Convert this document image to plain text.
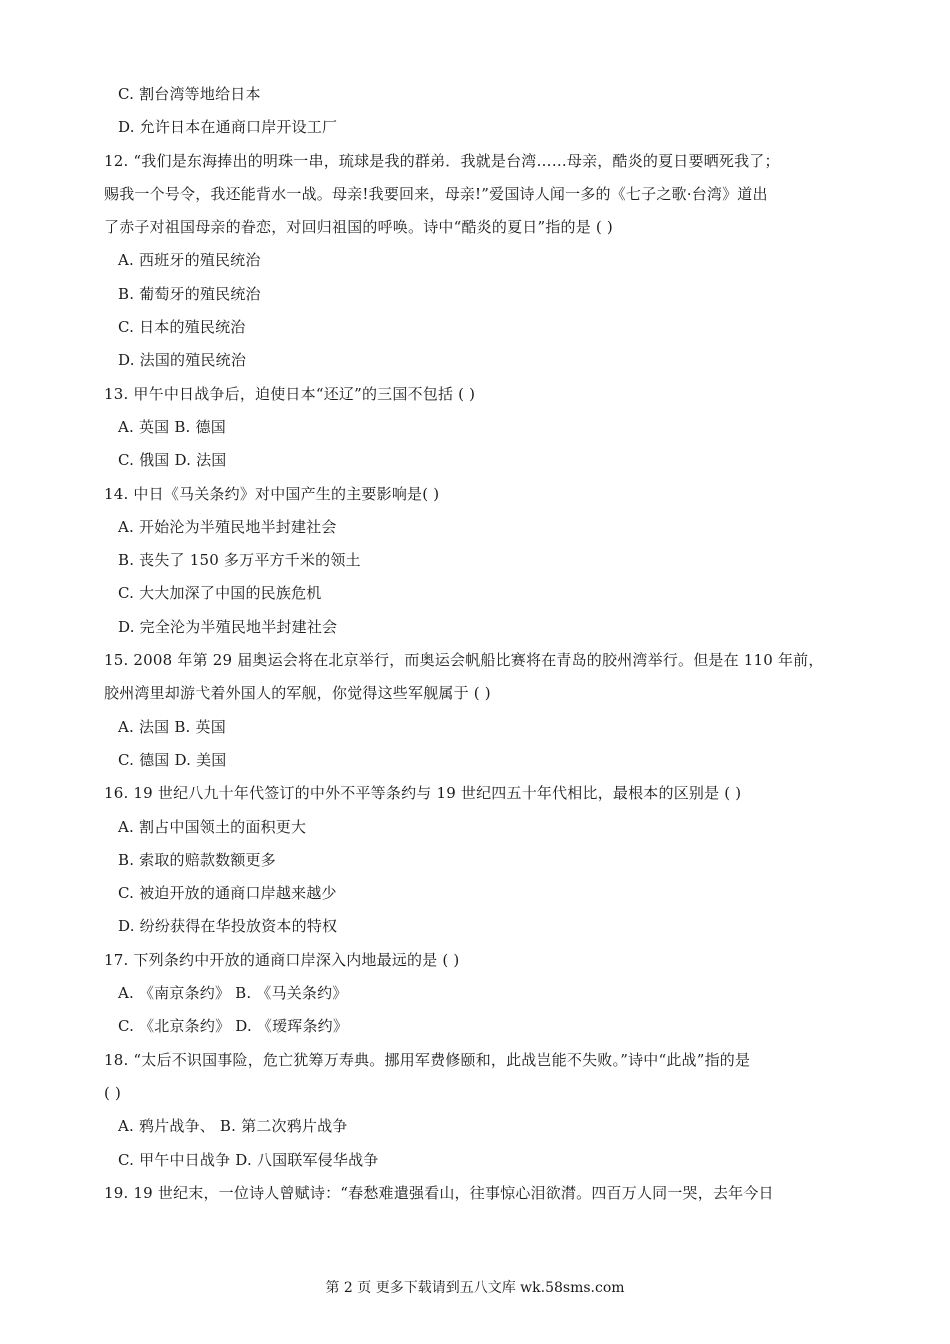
C. 割台湾等地给日本
D. 允许日本在通商口岸开设工厂
12. “我们是东海捧出的明珠一串，琉球是我的群弟．我就是台湾……母亲，酷炎的夏日要晒死我了；
赐我一个号令，我还能背水一战。母亲!我要回来，母亲!”爱国诗人闻一多的《七子之歌·台湾》道出
了赤子对祖国母亲的眷恋，对回归祖国的呼唤。诗中“酷炎的夏日”指的是 ( )
A. 西班牙的殖民统治
B. 葡萄牙的殖民统治
C. 日本的殖民统治
D. 法国的殖民统治
13. 甲午中日战争后，迫使日本“还辽”的三国不包括 ( )
A. 英国 B. 德国
C. 俄国 D. 法国
14. 中日《马关条约》对中国产生的主要影响是( )
A. 开始沦为半殖民地半封建社会
B. 丧失了 150 多万平方千米的领土
C. 大大加深了中国的民族危机
D. 完全沦为半殖民地半封建社会
15. 2008 年第 29 届奥运会将在北京举行，而奥运会帆船比赛将在青岛的胶州湾举行。但是在 110 年前，
胶州湾里却游弋着外国人的军舰，你觉得这些军舰属于 ( )
A. 法国 B. 英国
C. 德国 D. 美国
16. 19 世纪八九十年代签订的中外不平等条约与 19 世纪四五十年代相比，最根本的区别是 ( )
A. 割占中国领土的面积更大
B. 索取的赔款数额更多
C. 被迫开放的通商口岸越来越少
D. 纷纷获得在华投放资本的特权
17. 下列条约中开放的通商口岸深入内地最远的是 ( )
A. 《南京条约》 B. 《马关条约》
C. 《北京条约》 D. 《瑷珲条约》
18. “太后不识国事险，危亡犹筹万寿典。挪用军费修颐和，此战岂能不失败。”诗中“此战”指的是
( )
A. 鸦片战争、 B. 第二次鸦片战争
C. 甲午中日战争 D. 八国联军侵华战争
19. 19 世纪末，一位诗人曾赋诗：“春愁难遣强看山，往事惊心泪欲潸。四百万人同一哭，去年今日
第 2 页 更多下载请到五八文库 wk.58sms.com
